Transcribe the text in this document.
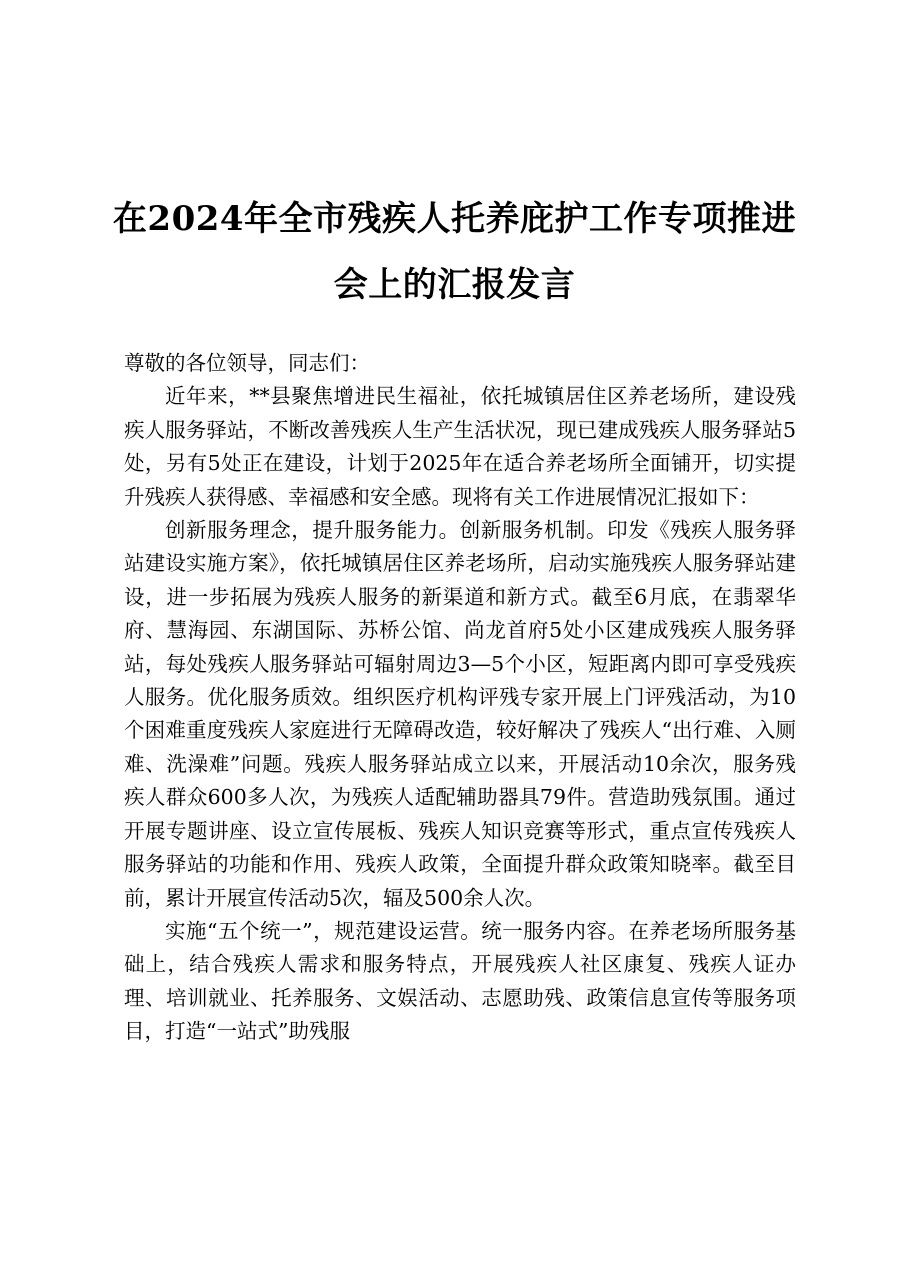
在2024年全市残疾人托养庇护工作专项推进
会上的汇报发言

尊敬的各位领导，同志们：

近年来，**县聚焦增进民生福祉，依托城镇居住区养老场所，建设残疾人服务驿站，不断改善残疾人生产生活状况，现已建成残疾人服务驿站5处，另有5处正在建设，计划于2025年在适合养老场所全面铺开，切实提升残疾人获得感、幸福感和安全感。现将有关工作进展情况汇报如下：

创新服务理念，提升服务能力。创新服务机制。印发《残疾人服务驿站建设实施方案》，依托城镇居住区养老场所，启动实施残疾人服务驿站建设，进一步拓展为残疾人服务的新渠道和新方式。截至6月底，在翡翠华府、慧海园、东湖国际、苏桥公馆、尚龙首府5处小区建成残疾人服务驿站，每处残疾人服务驿站可辐射周边3—5个小区，短距离内即可享受残疾人服务。优化服务质效。组织医疗机构评残专家开展上门评残活动，为10个困难重度残疾人家庭进行无障碍改造，较好解决了残疾人“出行难、入厕难、洗澡难”问题。残疾人服务驿站成立以来，开展活动10余次，服务残疾人群众600多人次，为残疾人适配辅助器具79件。营造助残氛围。通过开展专题讲座、设立宣传展板、残疾人知识竞赛等形式，重点宣传残疾人服务驿站的功能和作用、残疾人政策，全面提升群众政策知晓率。截至目前，累计开展宣传活动5次，辐及500余人次。

实施“五个统一”，规范建设运营。统一服务内容。在养老场所服务基础上，结合残疾人需求和服务特点，开展残疾人社区康复、残疾人证办理、培训就业、托养服务、文娱活动、志愿助残、政策信息宣传等服务项目，打造“一站式”助残服
